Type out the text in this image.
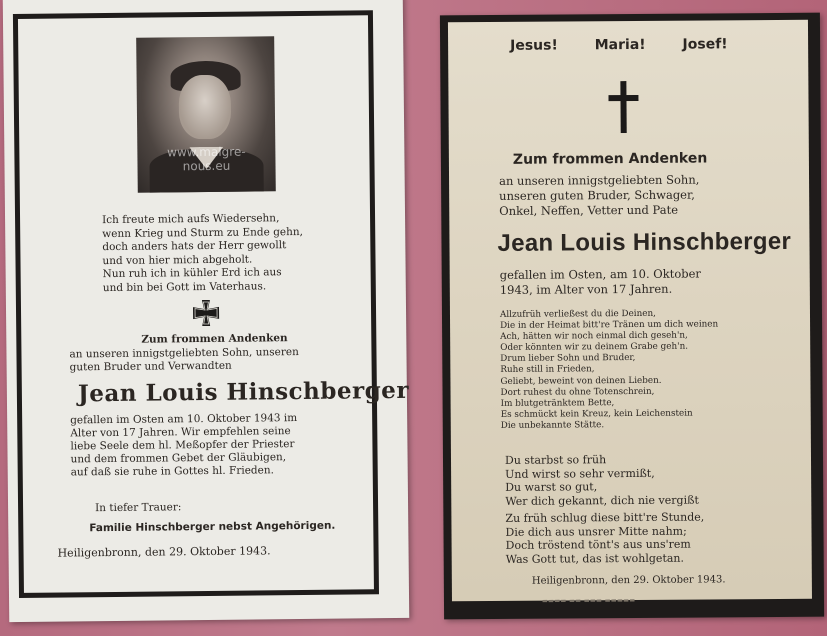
www.malgre-
nous.eu
Ich freute mich aufs Wiedersehn,
wenn Krieg und Sturm zu Ende gehn,
doch anders hats der Herr gewollt
und von hier mich abgeholt.
Nun ruh ich in kühler Erd ich aus
und bin bei Gott im Vaterhaus.
Zum frommen Andenken
an unseren innigstgeliebten Sohn, unseren
guten Bruder und Verwandten
Jean Louis Hinschberger
gefallen im Osten am 10. Oktober 1943 im
Alter von 17 Jahren. Wir empfehlen seine
liebe Seele dem hl. Meßopfer der Priester
und dem frommen Gebet der Gläubigen,
auf daß sie ruhe in Gottes hl. Frieden.
In tiefer Trauer:
Familie Hinschberger nebst Angehörigen.
Heiligenbronn, den 29. Oktober 1943.
Jesus!	Maria!	Josef!
Zum frommen Andenken
an unseren innigstgeliebten Sohn,
unseren guten Bruder, Schwager,
Onkel, Neffen, Vetter und Pate
Jean Louis Hinschberger
gefallen im Osten, am 10. Oktober
1943, im Alter von 17 Jahren.
Allzufrüh verließest du die Deinen,
Die in der Heimat bitt're Tränen um dich weinen
Ach, hätten wir noch einmal dich geseh'n,
Oder könnten wir zu deinem Grabe geh'n.
Drum lieber Sohn und Bruder,
Ruhe still in Frieden,
Geliebt, beweint von deinen Lieben.
Dort ruhest du ohne Totenschrein,
Im blutgetränktem Bette,
Es schmückt kein Kreuz, kein Leichenstein
Die unbekannte Stätte.
Du starbst so früh
Und wirst so sehr vermißt,
Du warst so gut,
Wer dich gekannt, dich nie vergißt
Zu früh schlug diese bitt're Stunde,
Die dich aus unsrer Mitte nahm;
Doch tröstend tönt's aus uns'rem
Was Gott tut, das ist wohlgetan.
Heiligenbronn, den 29. Oktober 1943.
▬▬▬▬ ▬▬ ▬▬▬ ▬▬▬▬▬
